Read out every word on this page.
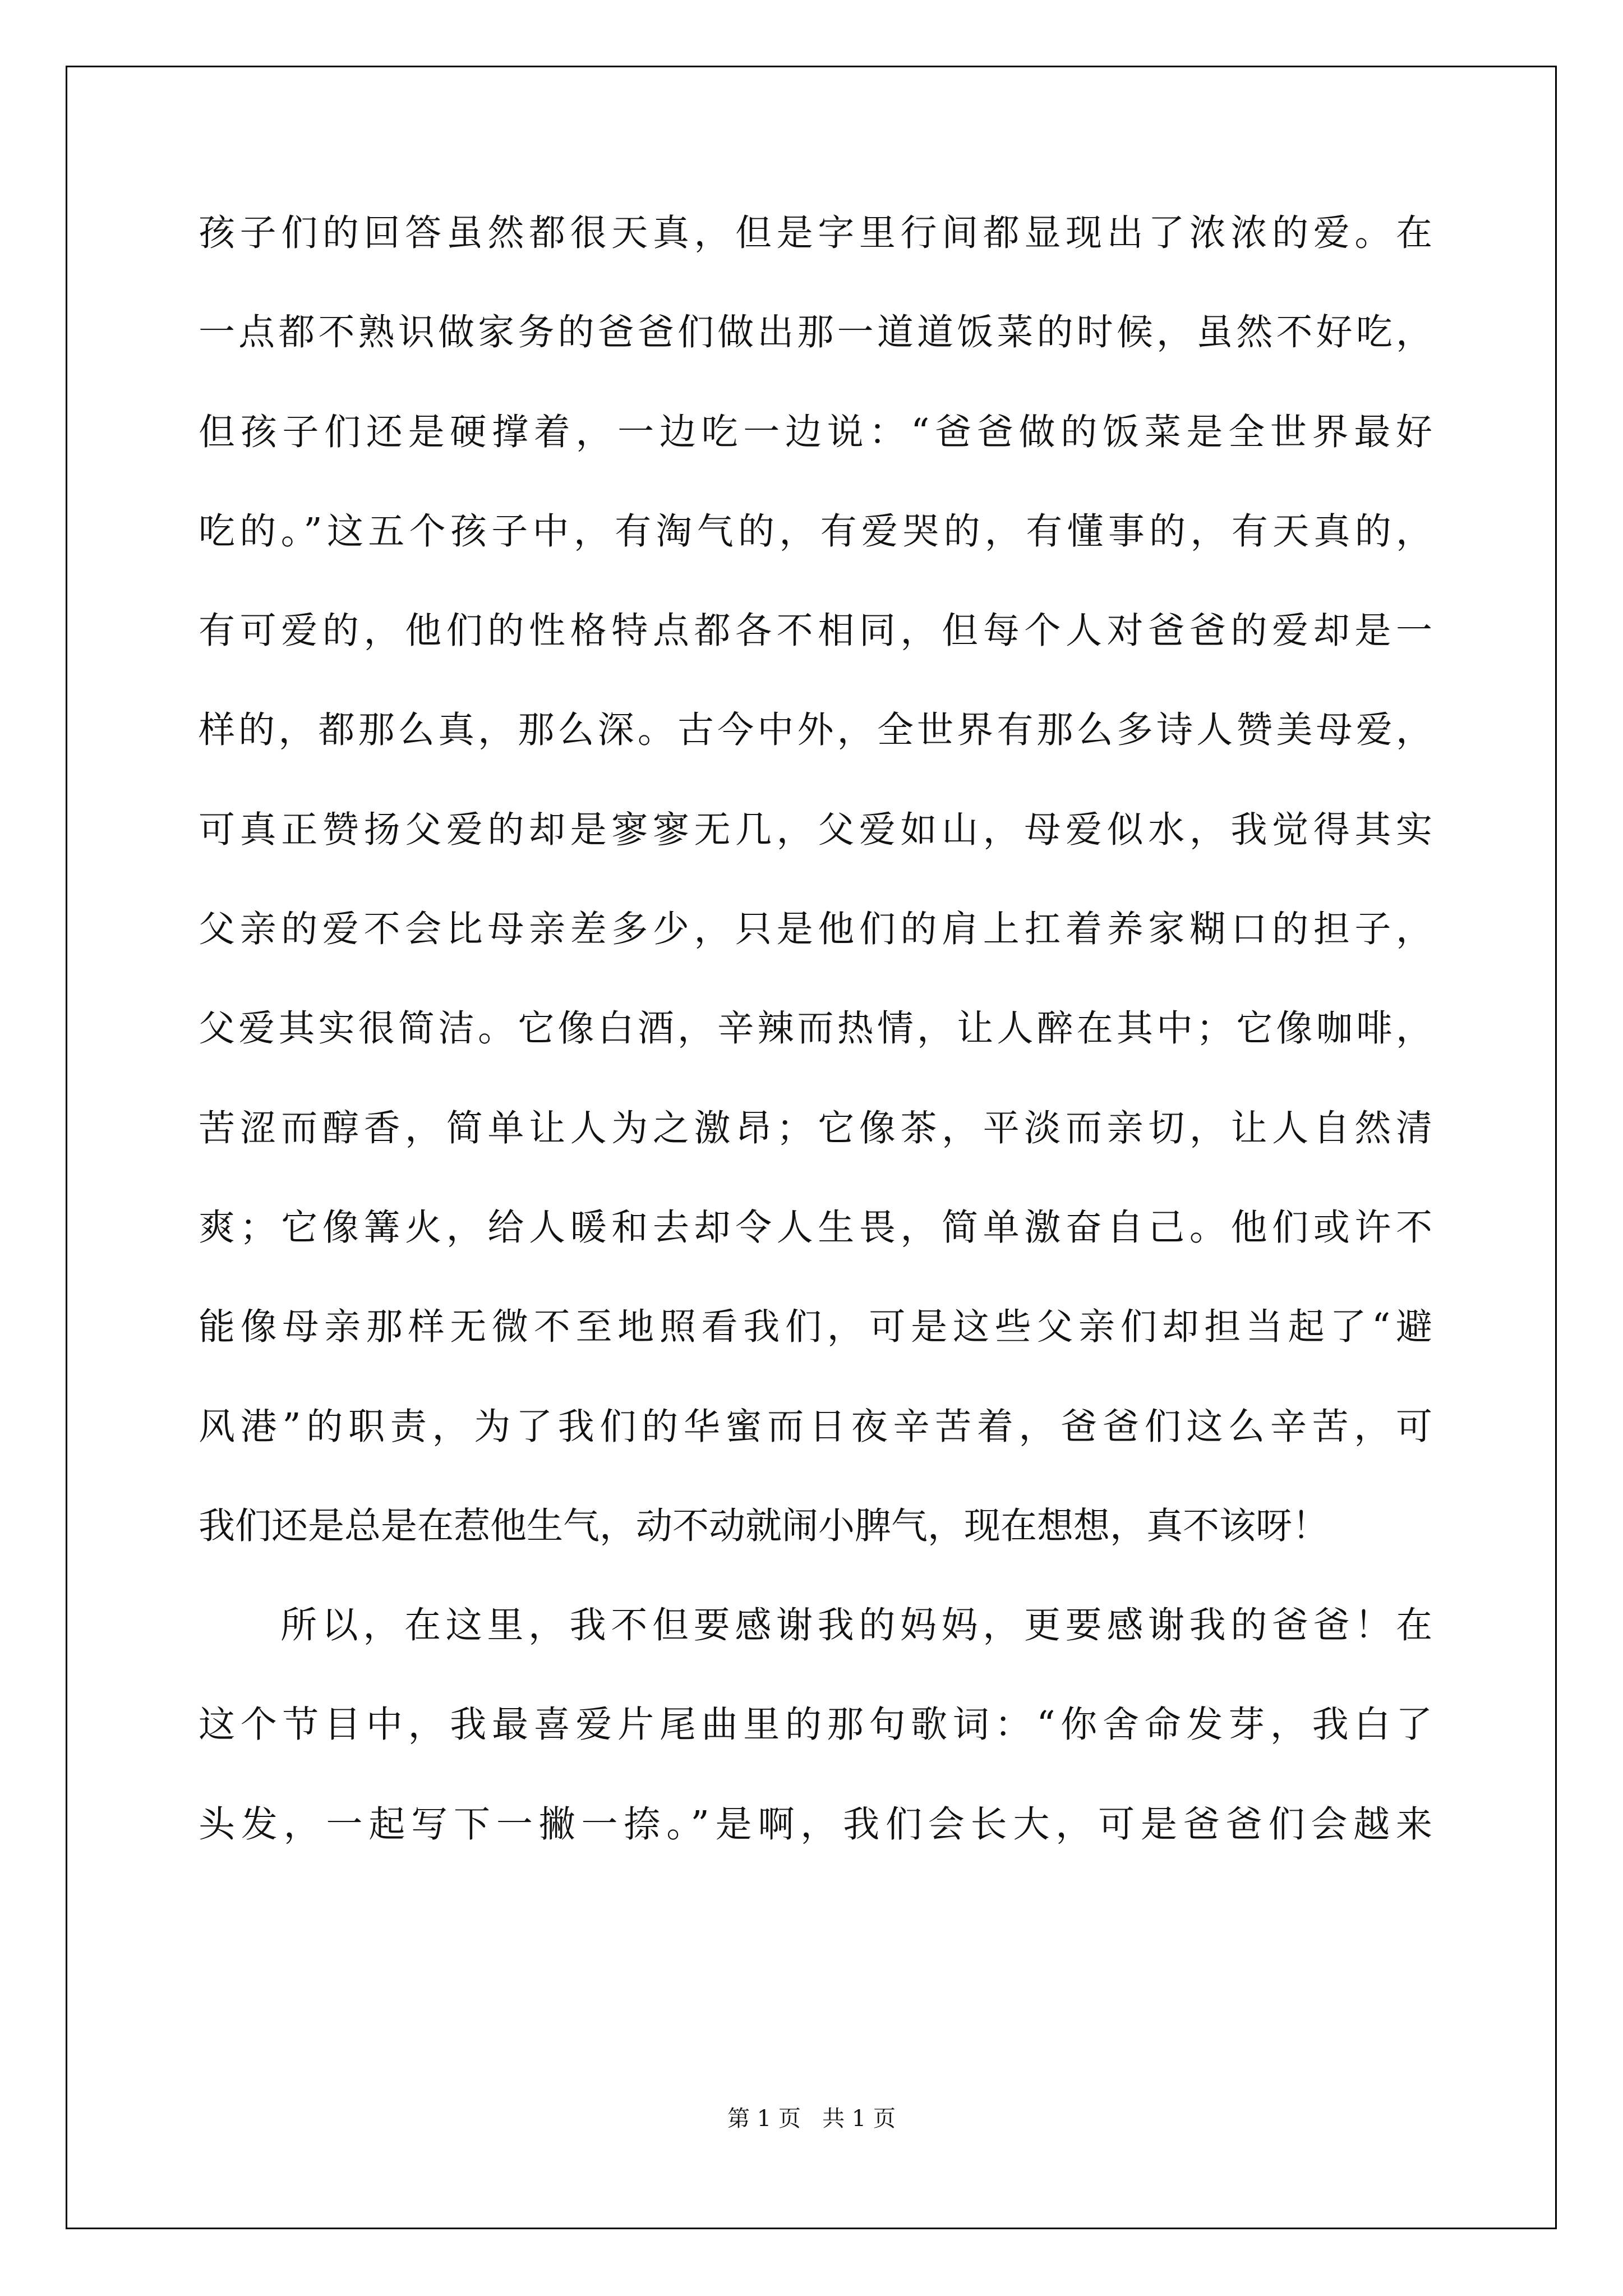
孩子们的回答虽然都很天真，但是字里行间都显现出了浓浓的爱。在
一点都不熟识做家务的爸爸们做出那一道道饭菜的时候，虽然不好吃，
但孩子们还是硬撑着，一边吃一边说：“爸爸做的饭菜是全世界最好
吃的。”这五个孩子中，有淘气的，有爱哭的，有懂事的，有天真的，
有可爱的，他们的性格特点都各不相同，但每个人对爸爸的爱却是一
样的，都那么真，那么深。古今中外，全世界有那么多诗人赞美母爱，
可真正赞扬父爱的却是寥寥无几，父爱如山，母爱似水，我觉得其实
父亲的爱不会比母亲差多少，只是他们的肩上扛着养家糊口的担子，
父爱其实很简洁。它像白酒，辛辣而热情，让人醉在其中；它像咖啡，
苦涩而醇香，简单让人为之激昂；它像茶，平淡而亲切，让人自然清
爽；它像篝火，给人暖和去却令人生畏，简单激奋自己。他们或许不
能像母亲那样无微不至地照看我们，可是这些父亲们却担当起了“避
风港”的职责，为了我们的华蜜而日夜辛苦着，爸爸们这么辛苦，可
我们还是总是在惹他生气，动不动就闹小脾气，现在想想，真不该呀！
所以，在这里，我不但要感谢我的妈妈，更要感谢我的爸爸！在
这个节目中，我最喜爱片尾曲里的那句歌词：“你舍命发芽，我白了
头发，一起写下一撇一捺。”是啊，我们会长大，可是爸爸们会越来
第 1 页   共 1 页
